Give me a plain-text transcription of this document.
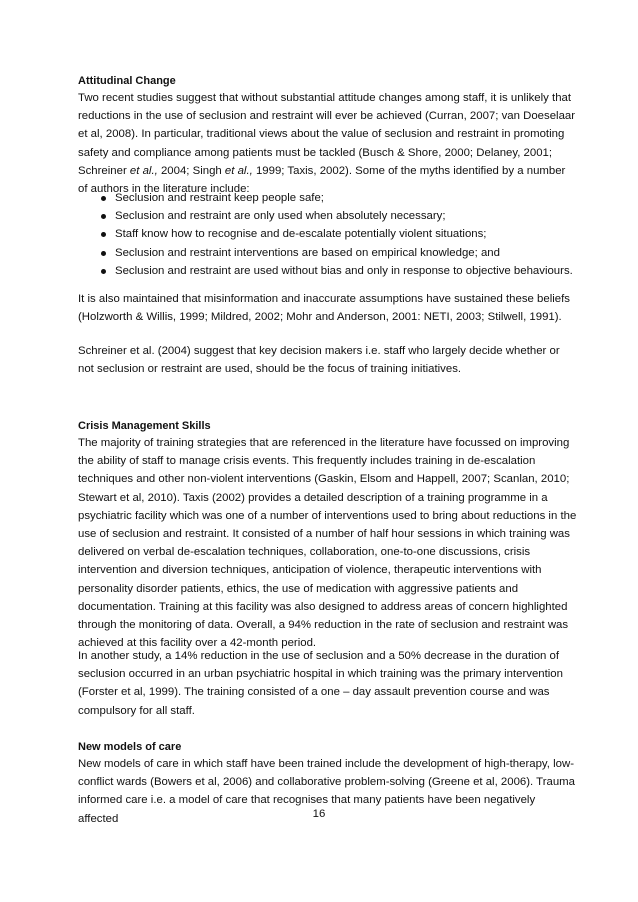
Attitudinal Change

Two recent studies suggest that without substantial attitude changes among staff, it is unlikely that reductions in the use of seclusion and restraint will ever be achieved (Curran, 2007; van Doeselaar et al, 2008). In particular, traditional views about the value of seclusion and restraint in promoting safety and compliance among patients must be tackled (Busch & Shore, 2000; Delaney, 2001; Schreiner et al., 2004; Singh et al., 1999; Taxis, 2002). Some of the myths identified by a number of authors in the literature include:

Seclusion and restraint keep people safe;
Seclusion and restraint are only used when absolutely necessary;
Staff know how to recognise and de-escalate potentially violent situations;
Seclusion and restraint interventions are based on empirical knowledge; and
Seclusion and restraint are used without bias and only in response to objective behaviours.

It is also maintained that misinformation and inaccurate assumptions have sustained these beliefs (Holzworth & Willis, 1999; Mildred, 2002; Mohr and Anderson, 2001: NETI, 2003; Stilwell, 1991).

Schreiner et al. (2004) suggest that key decision makers i.e. staff who largely decide whether or not seclusion or restraint are used, should be the focus of training initiatives.

Crisis Management Skills

The majority of training strategies that are referenced in the literature have focussed on improving the ability of staff to manage crisis events. This frequently includes training in de-escalation techniques and other non-violent interventions (Gaskin, Elsom and Happell, 2007; Scanlan, 2010; Stewart et al, 2010). Taxis (2002) provides a detailed description of a training programme in a psychiatric facility which was one of a number of interventions used to bring about reductions in the use of seclusion and restraint. It consisted of a number of half hour sessions in which training was delivered on verbal de-escalation techniques, collaboration, one-to-one discussions, crisis intervention and diversion techniques, anticipation of violence, therapeutic interventions with personality disorder patients, ethics, the use of medication with aggressive patients and documentation. Training at this facility was also designed to address areas of concern highlighted through the monitoring of data. Overall, a 94% reduction in the rate of seclusion and restraint was achieved at this facility over a 42-month period.

In another study, a 14% reduction in the use of seclusion and a 50% decrease in the duration of seclusion occurred in an urban psychiatric hospital in which training was the primary intervention (Forster et al, 1999). The training consisted of a one – day assault prevention course and was compulsory for all staff.

New models of care

New models of care in which staff have been trained include the development of high-therapy, low-conflict wards (Bowers et al, 2006) and collaborative problem-solving (Greene et al, 2006). Trauma informed care i.e. a model of care that recognises that many patients have been negatively affected	16
